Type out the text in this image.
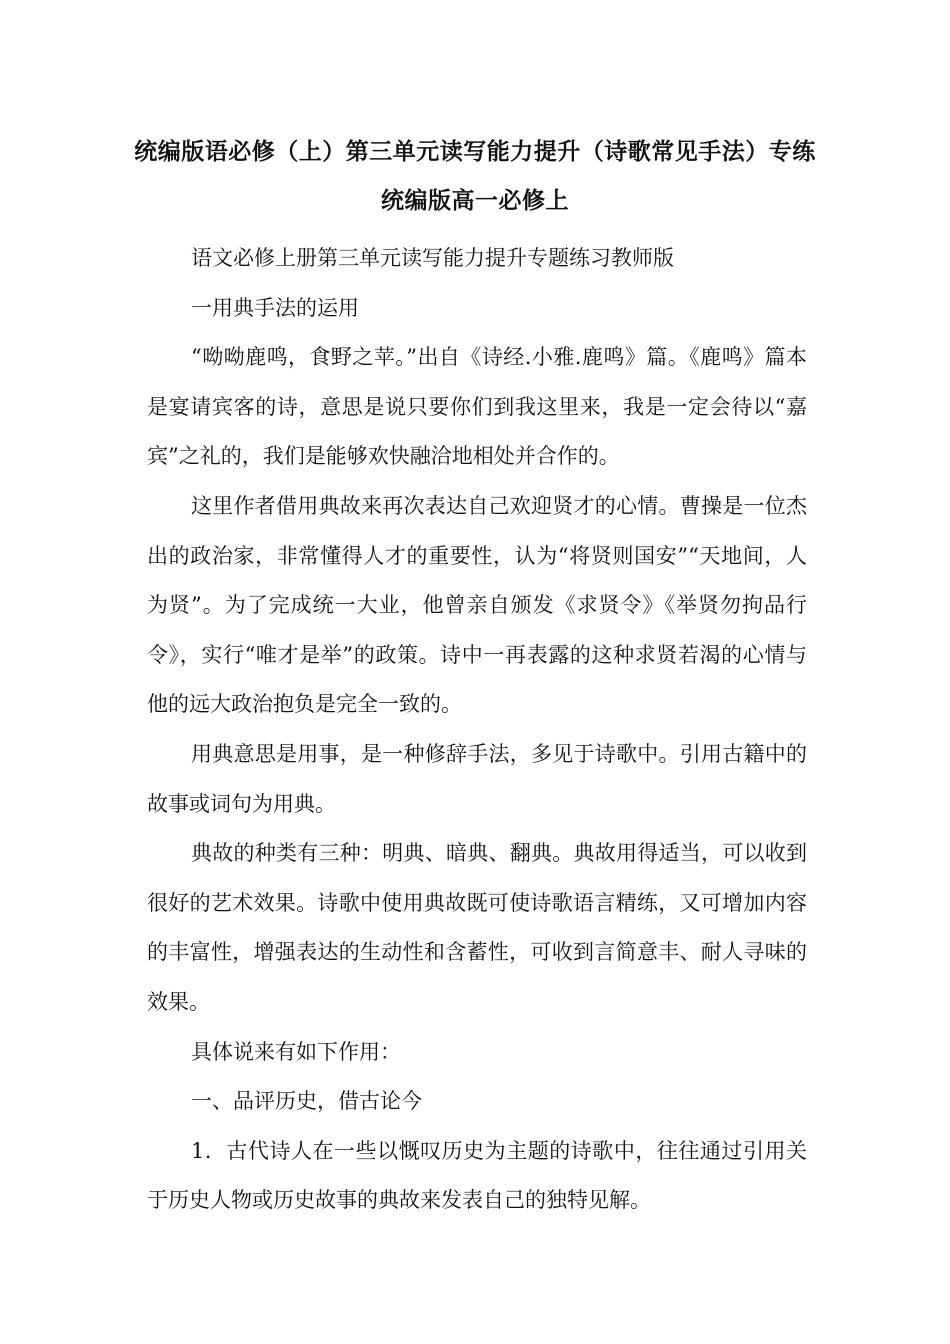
统编版语必修（上）第三单元读写能力提升（诗歌常见手法）专练
统编版高一必修上

语文必修上册第三单元读写能力提升专题练习教师版

一用典手法的运用

“呦呦鹿鸣，食野之苹。”出自《诗经.小雅.鹿鸣》篇。《鹿鸣》篇本是宴请宾客的诗，意思是说只要你们到我这里来，我是一定会待以“嘉宾”之礼的，我们是能够欢快融洽地相处并合作的。

这里作者借用典故来再次表达自己欢迎贤才的心情。曹操是一位杰出的政治家，非常懂得人才的重要性，认为“将贤则国安”“天地间，人为贤”。为了完成统一大业，他曾亲自颁发《求贤令》《举贤勿拘品行令》，实行“唯才是举”的政策。诗中一再表露的这种求贤若渴的心情与他的远大政治抱负是完全一致的。

用典意思是用事，是一种修辞手法，多见于诗歌中。引用古籍中的故事或词句为用典。

典故的种类有三种：明典、暗典、翻典。典故用得适当，可以收到很好的艺术效果。诗歌中使用典故既可使诗歌语言精练，又可增加内容的丰富性，增强表达的生动性和含蓄性，可收到言简意丰、耐人寻味的效果。

具体说来有如下作用：

一、品评历史，借古论今

1．古代诗人在一些以慨叹历史为主题的诗歌中，往往通过引用关于历史人物或历史故事的典故来发表自己的独特见解。
